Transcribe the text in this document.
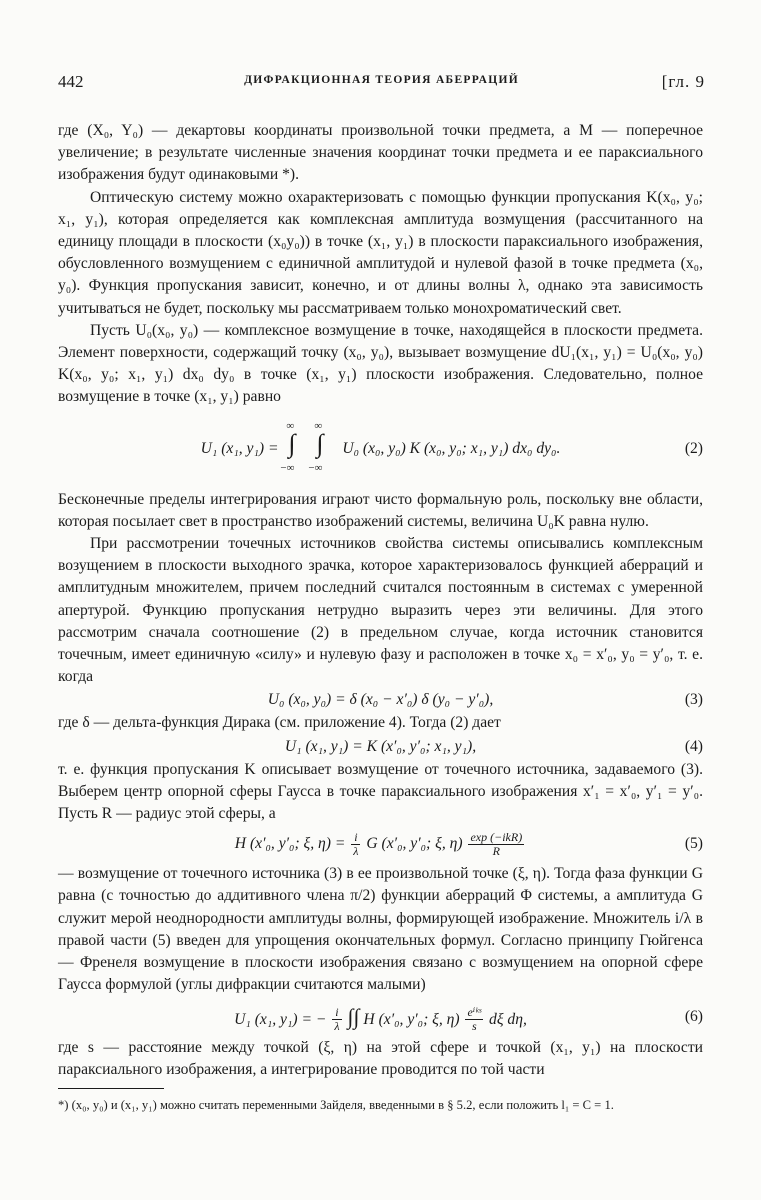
442	ДИФРАКЦИОННАЯ ТЕОРИЯ АБЕРРАЦИЙ	[гл. 9

где (X₀, Y₀) — декартовы координаты произвольной точки предмета, а M — поперечное увеличение; в результате численные значения координат точки предмета и ее параксиального изображения будут одинаковыми *).

Оптическую систему можно охарактеризовать с помощью функции пропускания K(x₀, y₀; x₁, y₁), которая определяется как комплексная амплитуда возмущения (рассчитанного на единицу площади в плоскости (x₀y₀)) в точке (x₁, y₁) в плоскости параксиального изображения, обусловленного возмущением с единичной амплитудой и нулевой фазой в точке предмета (x₀, y₀). Функция пропускания зависит, конечно, и от длины волны λ, однако эта зависимость учитываться не будет, поскольку мы рассматриваем только монохроматический свет.

Пусть U₀(x₀, y₀) — комплексное возмущение в точке, находящейся в плоскости предмета. Элемент поверхности, содержащий точку (x₀, y₀), вызывает возмущение dU₁(x₁, y₁) = U₀(x₀, y₀) K(x₀, y₀; x₁, y₁) dx₀ dy₀ в точке (x₁, y₁) плоскости изображения. Следовательно, полное возмущение в точке (x₁, y₁) равно

U₁ (x₁, y₁) =
∞
∫
−∞
∞
∫
−∞
U₀ (x₀, y₀) K (x₀, y₀; x₁, y₁) dx₀ dy₀.	(2)

Бесконечные пределы интегрирования играют чисто формальную роль, поскольку вне области, которая посылает свет в пространство изображений системы, величина U₀K равна нулю.

При рассмотрении точечных источников свойства системы описывались комплексным возущением в плоскости выходного зрачка, которое характеризовалось функцией аберраций и амплитудным множителем, причем последний считался постоянным в системах с умеренной апертурой. Функцию пропускания нетрудно выразить через эти величины. Для этого рассмотрим сначала соотношение (2) в предельном случае, когда источник становится точечным, имеет единичную «силу» и нулевую фазу и расположен в точке x₀ = x′₀, y₀ = y′₀, т. е. когда

U₀ (x₀, y₀) = δ (x₀ − x′₀) δ (y₀ − y′₀),	(3)

где δ — дельта-функция Дирака (см. приложение 4). Тогда (2) дает

U₁ (x₁, y₁) = K (x′₀, y′₀; x₁, y₁),	(4)

т. е. функция пропускания K описывает возмущение от точечного источника, задаваемого (3). Выберем центр опорной сферы Гаусса в точке параксиального изображения x′₁ = x′₀, y′₁ = y′₀. Пусть R — радиус этой сферы, а

H (x′₀, y′₀; ξ, $\eta) = \frac{i}{\lambda}$ G (x′₀, y′₀; ξ, $\eta) \frac{\text{exp (−ikR)}}{R}$	(5)

— возмущение от точечного источника (3) в ее произвольной точке (ξ, η). Тогда фаза функции G равна (с точностью до аддитивного члена π/2) функции аберраций Φ системы, а амплитуда G служит мерой неоднородности амплитуды волны, формирующей изображение. Множитель i/λ в правой части (5) введен для упрощения окончательных формул. Согласно принципу Гюйгенса — Френеля возмущение в плоскости изображения связано с возмущением на опорной сфере Гаусса формулой (углы дифракции считаются малыми)

U₁ (x₁, y₁) = − $\frac{i}{\lambda}$ ∫∫ H (x′₀, y′₀; ξ, $\eta) \frac{\text{eⁱᵏˢ}}{s}$ dξ dη,	(6)

где s — расстояние между точкой (ξ, η) на этой сфере и точкой (x₁, y₁) на плоскости параксиального изображения, а интегрирование проводится по той части

*) (x₀, y₀) и (x₁, y₁) можно считать переменными Зайделя, введенными в § 5.2, если положить l₁ = C = 1.
